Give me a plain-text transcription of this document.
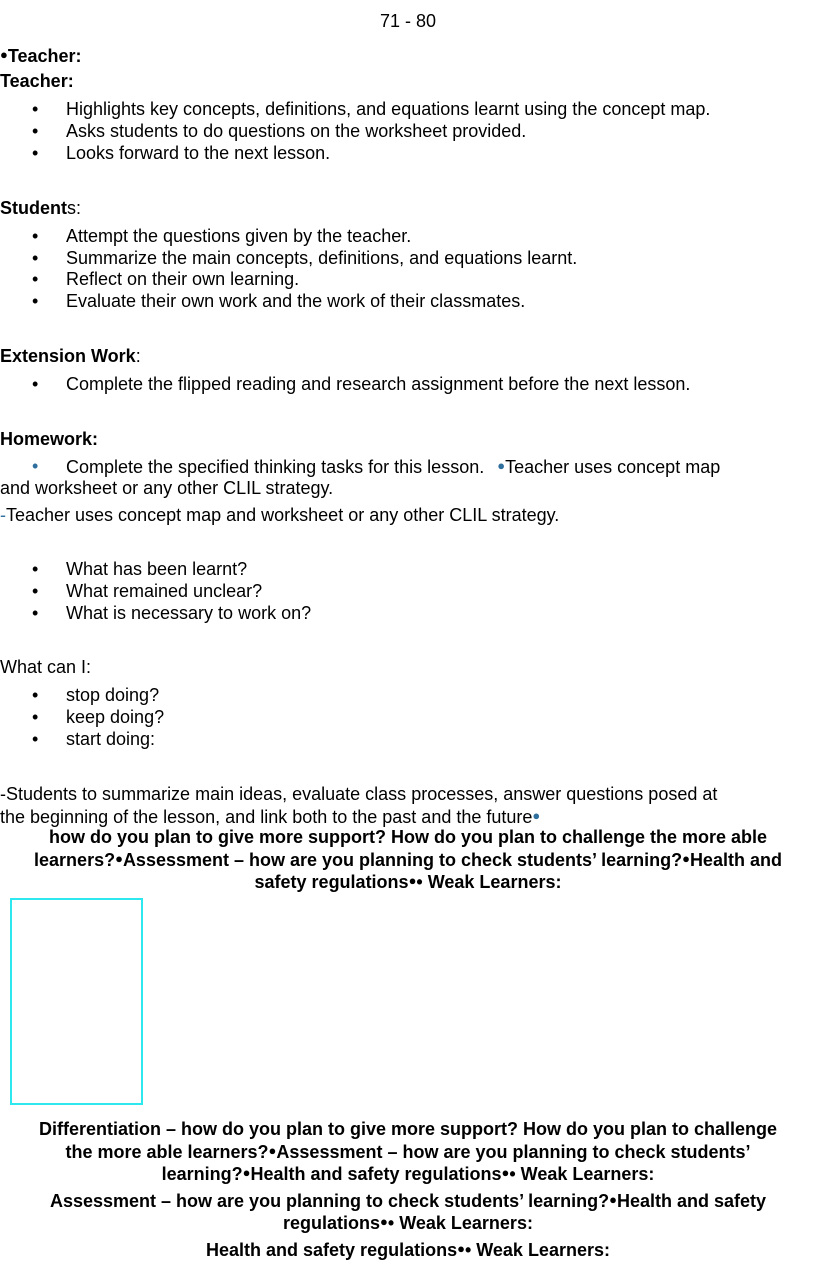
71 - 80
●Teacher:
Teacher:
• Highlights key concepts, definitions, and equations learnt using the concept map.
• Asks students to do questions on the worksheet provided.
• Looks forward to the next lesson.
Students:
• Attempt the questions given by the teacher.
• Summarize the main concepts, definitions, and equations learnt.
• Reflect on their own learning.
• Evaluate their own work and the work of their classmates.
Extension Work:
• Complete the flipped reading and research assignment before the next lesson.
Homework:
• Complete the specified thinking tasks for this lesson. ●Teacher uses concept map
and worksheet or any other CLIL strategy.
-Teacher uses concept map and worksheet or any other CLIL strategy.
• What has been learnt?
• What remained unclear?
• What is necessary to work on?
What can I:
• stop doing?
• keep doing?
• start doing:
-Students to summarize main ideas, evaluate class processes, answer questions posed at
the beginning of the lesson, and link both to the past and the future●
how do you plan to give more support? How do you plan to challenge the more able
learners?●Assessment – how are you planning to check students’ learning?●Health and
safety regulations●• Weak Learners:
Differentiation – how do you plan to give more support? How do you plan to challenge
the more able learners?●Assessment – how are you planning to check students’
learning?●Health and safety regulations●• Weak Learners:
Assessment – how are you planning to check students’ learning?●Health and safety
regulations●• Weak Learners:
Health and safety regulations●• Weak Learners:
